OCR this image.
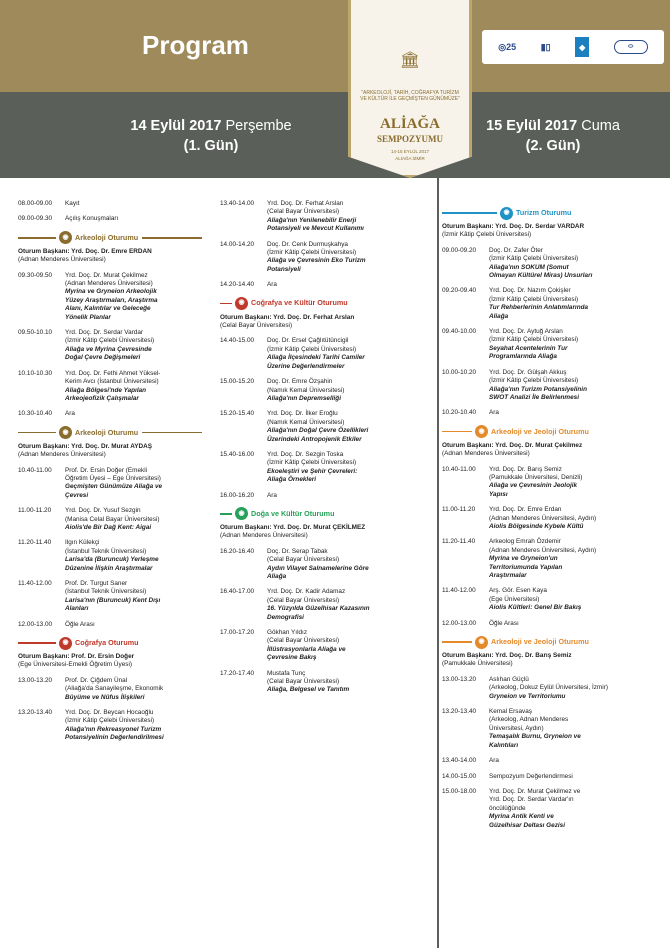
Program	◎ 25	▮▯	◆	⬭
🏛
"ARKEOLOJİ, TARİH, COĞRAFYA TURİZM VE KÜLTÜR İLE GEÇMİŞTEN GÜNÜMÜZE"
ALİAĞA
SEMPOZYUMU
14-15 EYLÜL 2017
ALİAĞA İZMİR
14 Eylül 2017 Perşembe
(1. Gün)
15 Eylül 2017 Cuma
(2. Gün)
08.00-09.00	Kayıt
09.00-09.30	Açılış Konuşmaları
◉ Arkeoloji Oturumu
Oturum Başkanı: Yrd. Doç. Dr. Emre ERDAN
(Adnan Menderes Üniversitesi)
09.30-09.50	Yrd. Doç. Dr. Murat Çekilmez
(Adnan Menderes Üniversitesi)
Myrina ve Gryneion Arkeolojik
Yüzey Araştırmaları, Araştırma
Alanı, Kalıntılar ve Geleceğe
Yönelik Planlar
09.50-10.10	Yrd. Doç. Dr. Serdar Vardar
(İzmir Kâtip Çelebi Üniversitesi)
Aliağa ve Myrina Çevresinde
Doğal Çevre Değişmeleri
10.10-10.30	Yrd. Doç. Dr. Fethi Ahmet Yüksel-
Kerim Avcı (İstanbul Üniversitesi)
Aliağa Bölgesi'nde Yapılan
Arkeojeofizik Çalışmalar
10.30-10.40	Ara
◉ Arkeoloji Oturumu
Oturum Başkanı: Yrd. Doç. Dr. Murat AYDAŞ
(Adnan Menderes Üniversitesi)
10.40-11.00	Prof. Dr. Ersin Doğer (Emekli
Öğretim Üyesi – Ege Üniversitesi)
Geçmişten Günümüze Aliağa ve
Çevresi
11.00-11.20	Yrd. Doç. Dr. Yusuf Sezgin
(Manisa Celal Bayar Üniversitesi)
Aiolis'de Bir Dağ Kent: Aigai
11.20-11.40	Ilgın Külekçi
(İstanbul Teknik Üniversitesi)
Larisa'da (Buruncuk) Yerleşme
Düzenine İlişkin Araştırmalar
11.40-12.00	Prof. Dr. Turgut Saner
(İstanbul Teknik Üniversitesi)
Larisa'nın (Buruncuk) Kent Dışı
Alanları
12.00-13.00	Öğle Arası
◉ Coğrafya Oturumu
Oturum Başkanı: Prof. Dr. Ersin Doğer
(Ege Üniversitesi-Emekli Öğretim Üyesi)
13.00-13.20	Prof. Dr. Çiğdem Ünal
(Aliağa'da Sanayileşme, Ekonomik
Büyüme ve Nüfus İlişkileri
13.20-13.40	Yrd. Doç. Dr. Beycan Hocaoğlu
(İzmir Kâtip Çelebi Üniversitesi)
Aliağa'nın Rekreasyonel Turizm
Potansiyelinin Değerlendirilmesi
13.40-14.00	Yrd. Doç. Dr. Ferhat Arslan
(Celal Bayar Üniversitesi)
Aliağa'nın Yenilenebilir Enerji
Potansiyeli ve Mevcut Kullanımı
14.00-14.20	Doç. Dr. Cenk Durmuşkahya
(İzmir Kâtip Çelebi Üniversitesi)
Aliağa ve Çevresinin Eko Turizm
Potansiyeli
14.20-14.40	Ara
◉ Coğrafya ve Kültür Oturumu
Oturum Başkanı: Yrd. Doç. Dr. Ferhat Arslan
(Celal Bayar Üniversitesi)
14.40-15.00	Doç. Dr. Ersel Çağlıtütüncigil
(İzmir Kâtip Çelebi Üniversitesi)
Aliağa İlçesindeki Tarihi Camiler
Üzerine Değerlendirmeler
15.00-15.20	Doç. Dr. Emre Özşahin
(Namık Kemal Üniversitesi)
Aliağa'nın Depremselliği
15.20-15.40	Yrd. Doç. Dr. İlker Eroğlu
(Namık Kemal Üniversitesi)
Aliağa'nın Doğal Çevre Özellikleri
Üzerindeki Antropojenik Etkiler
15.40-16.00	Yrd. Doç. Dr. Sezgin Toska
(İzmir Kâtip Çelebi Üniversitesi)
Ekoeleştiri ve Şehir Çevreleri:
Aliağa Örnekleri
16.00-16.20	Ara
◉ Doğa ve Kültür Oturumu
Oturum Başkanı: Yrd. Doç. Dr. Murat ÇEKİLMEZ
(Adnan Menderes Üniversitesi)
16.20-16.40	Doç. Dr. Serap Tabak
(Celal Bayar Üniversitesi)
Aydın Vilayet Salnamelerine Göre
Aliağa
16.40-17.00	Yrd. Doç. Dr. Kadir Adamaz
(Celal Bayar Üniversitesi)
16. Yüzyılda Güzelhisar Kazasının
Demografisi
17.00-17.20	Gökhan Yıldız
(Celal Bayar Üniversitesi)
İllüstrasyonlarla Aliağa ve
Çevresine Bakış
17.20-17.40	Mustafa Tunç
(Celal Bayar Üniversitesi)
Aliağa, Belgesel ve Tanıtım
◉ Turizm Oturumu
Oturum Başkanı: Yrd. Doç. Dr. Serdar VARDAR
(İzmir Kâtip Çelebi Üniversitesi)
09.00-09.20	Doç. Dr. Zafer Öter
(İzmir Kâtip Çelebi Üniversitesi)
Aliağa'nın SOKUM (Somut
Olmayan Kültürel Miras) Unsurları
09.20-09.40	Yrd. Doç. Dr. Nazım Çokişler
(İzmir Kâtip Çelebi Üniversitesi)
Tur Rehberlerinin Anlatımlarında
Aliağa
09.40-10.00	Yrd. Doç. Dr. Aytuğ Arslan
(İzmir Kâtip Çelebi Üniversitesi)
Seyahat Acentelerinin Tur
Programlarında Aliağa
10.00-10.20	Yrd. Doç. Dr. Gülşah Akkuş
(İzmir Kâtip Çelebi Üniversitesi)
Aliağa'nın Turizm Potansiyelinin
SWOT Analizi İle Belirlenmesi
10.20-10.40	Ara
◉ Arkeoloji ve Jeoloji Oturumu
Oturum Başkanı: Yrd. Doç. Dr. Murat Çekilmez
(Adnan Menderes Üniversitesi)
10.40-11.00	Yrd. Doç. Dr. Barış Semiz
(Pamukkale Üniversitesi, Denizli)
Aliağa ve Çevresinin Jeolojik
Yapısı
11.00-11.20	Yrd. Doç. Dr. Emre Erdan
(Adnan Menderes Üniversitesi, Aydın)
Aiolis Bölgesinde Kybele Kültü
11.20-11.40	Arkeolog Emrah Özdemir
(Adnan Menderes Üniversitesi, Aydın)
Myrina ve Gryneion'un
Territoriumunda Yapılan
Araştırmalar
11.40-12.00	Arş. Gör. Esen Kaya
(Ege Üniversitesi)
Aiolis Kültleri: Genel Bir Bakış
12.00-13.00	Öğle Arası
◉ Arkeoloji ve Jeoloji Oturumu
Oturum Başkanı: Yrd. Doç. Dr. Barış Semiz
(Pamukkale Üniversitesi)
13.00-13.20	Aslıhan Güçlü
(Arkeolog, Dokuz Eylül Üniversitesi, İzmir)
Gryneion ve Territoriumu
13.20-13.40	Kemal Ersavaş
(Arkeolog, Adnan Menderes
Üniversitesi, Aydın)
Temaşalık Burnu, Gryneion ve
Kalıntıları
13.40-14.00	Ara
14.00-15.00	Sempozyum Değerlendirmesi
15.00-18.00	Yrd. Doç. Dr. Murat Çekilmez ve
Yrd. Doç. Dr. Serdar Vardar'ın
öncülüğünde
Myrina Antik Kenti ve
Güzelhisar Deltası Gezisi
